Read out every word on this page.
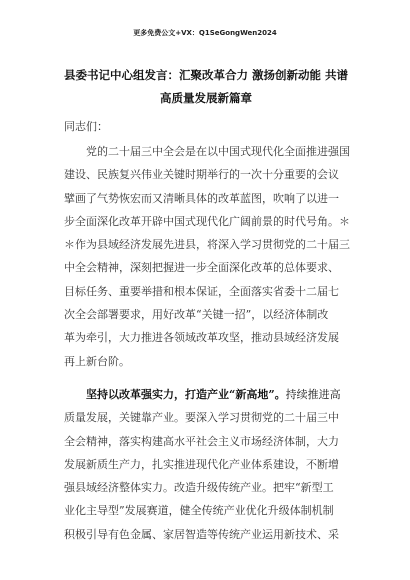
更多免费公文+VX：Q1SeGongWen2024
县委书记中心组发言：汇聚改革合力 激扬创新动能 共谱
高质量发展新篇章
同志们：
　　党的二十届三中全会是在以中国式现代化全面推进强国
建设、民族复兴伟业关键时期举行的一次十分重要的会议
擘画了气势恢宏而又清晰具体的改革蓝图，吹响了以进一
步全面深化改革开辟中国式现代化广阔前景的时代号角。＊
＊作为县域经济发展先进县，将深入学习贯彻党的二十届三
中全会精神，深刻把握进一步全面深化改革的总体要求、
目标任务、重要举措和根本保证，全面落实省委十二届七
次全会部署要求，用好改革“关键一招”，以经济体制改
革为牵引，大力推进各领域改革攻坚，推动县域经济发展
再上新台阶。
　　坚持以改革强实力，打造产业“新高地”。持续推进高
质量发展，关键靠产业。要深入学习贯彻党的二十届三中
全会精神，落实构建高水平社会主义市场经济体制，大力
发展新质生产力，扎实推进现代化产业体系建设，不断增
强县域经济整体实力。改造升级传统产业。把牢“新型工
业化主导型”发展赛道，健全传统产业优化升级体制机制
积极引导有色金属、家居智造等传统产业运用新技术、采
